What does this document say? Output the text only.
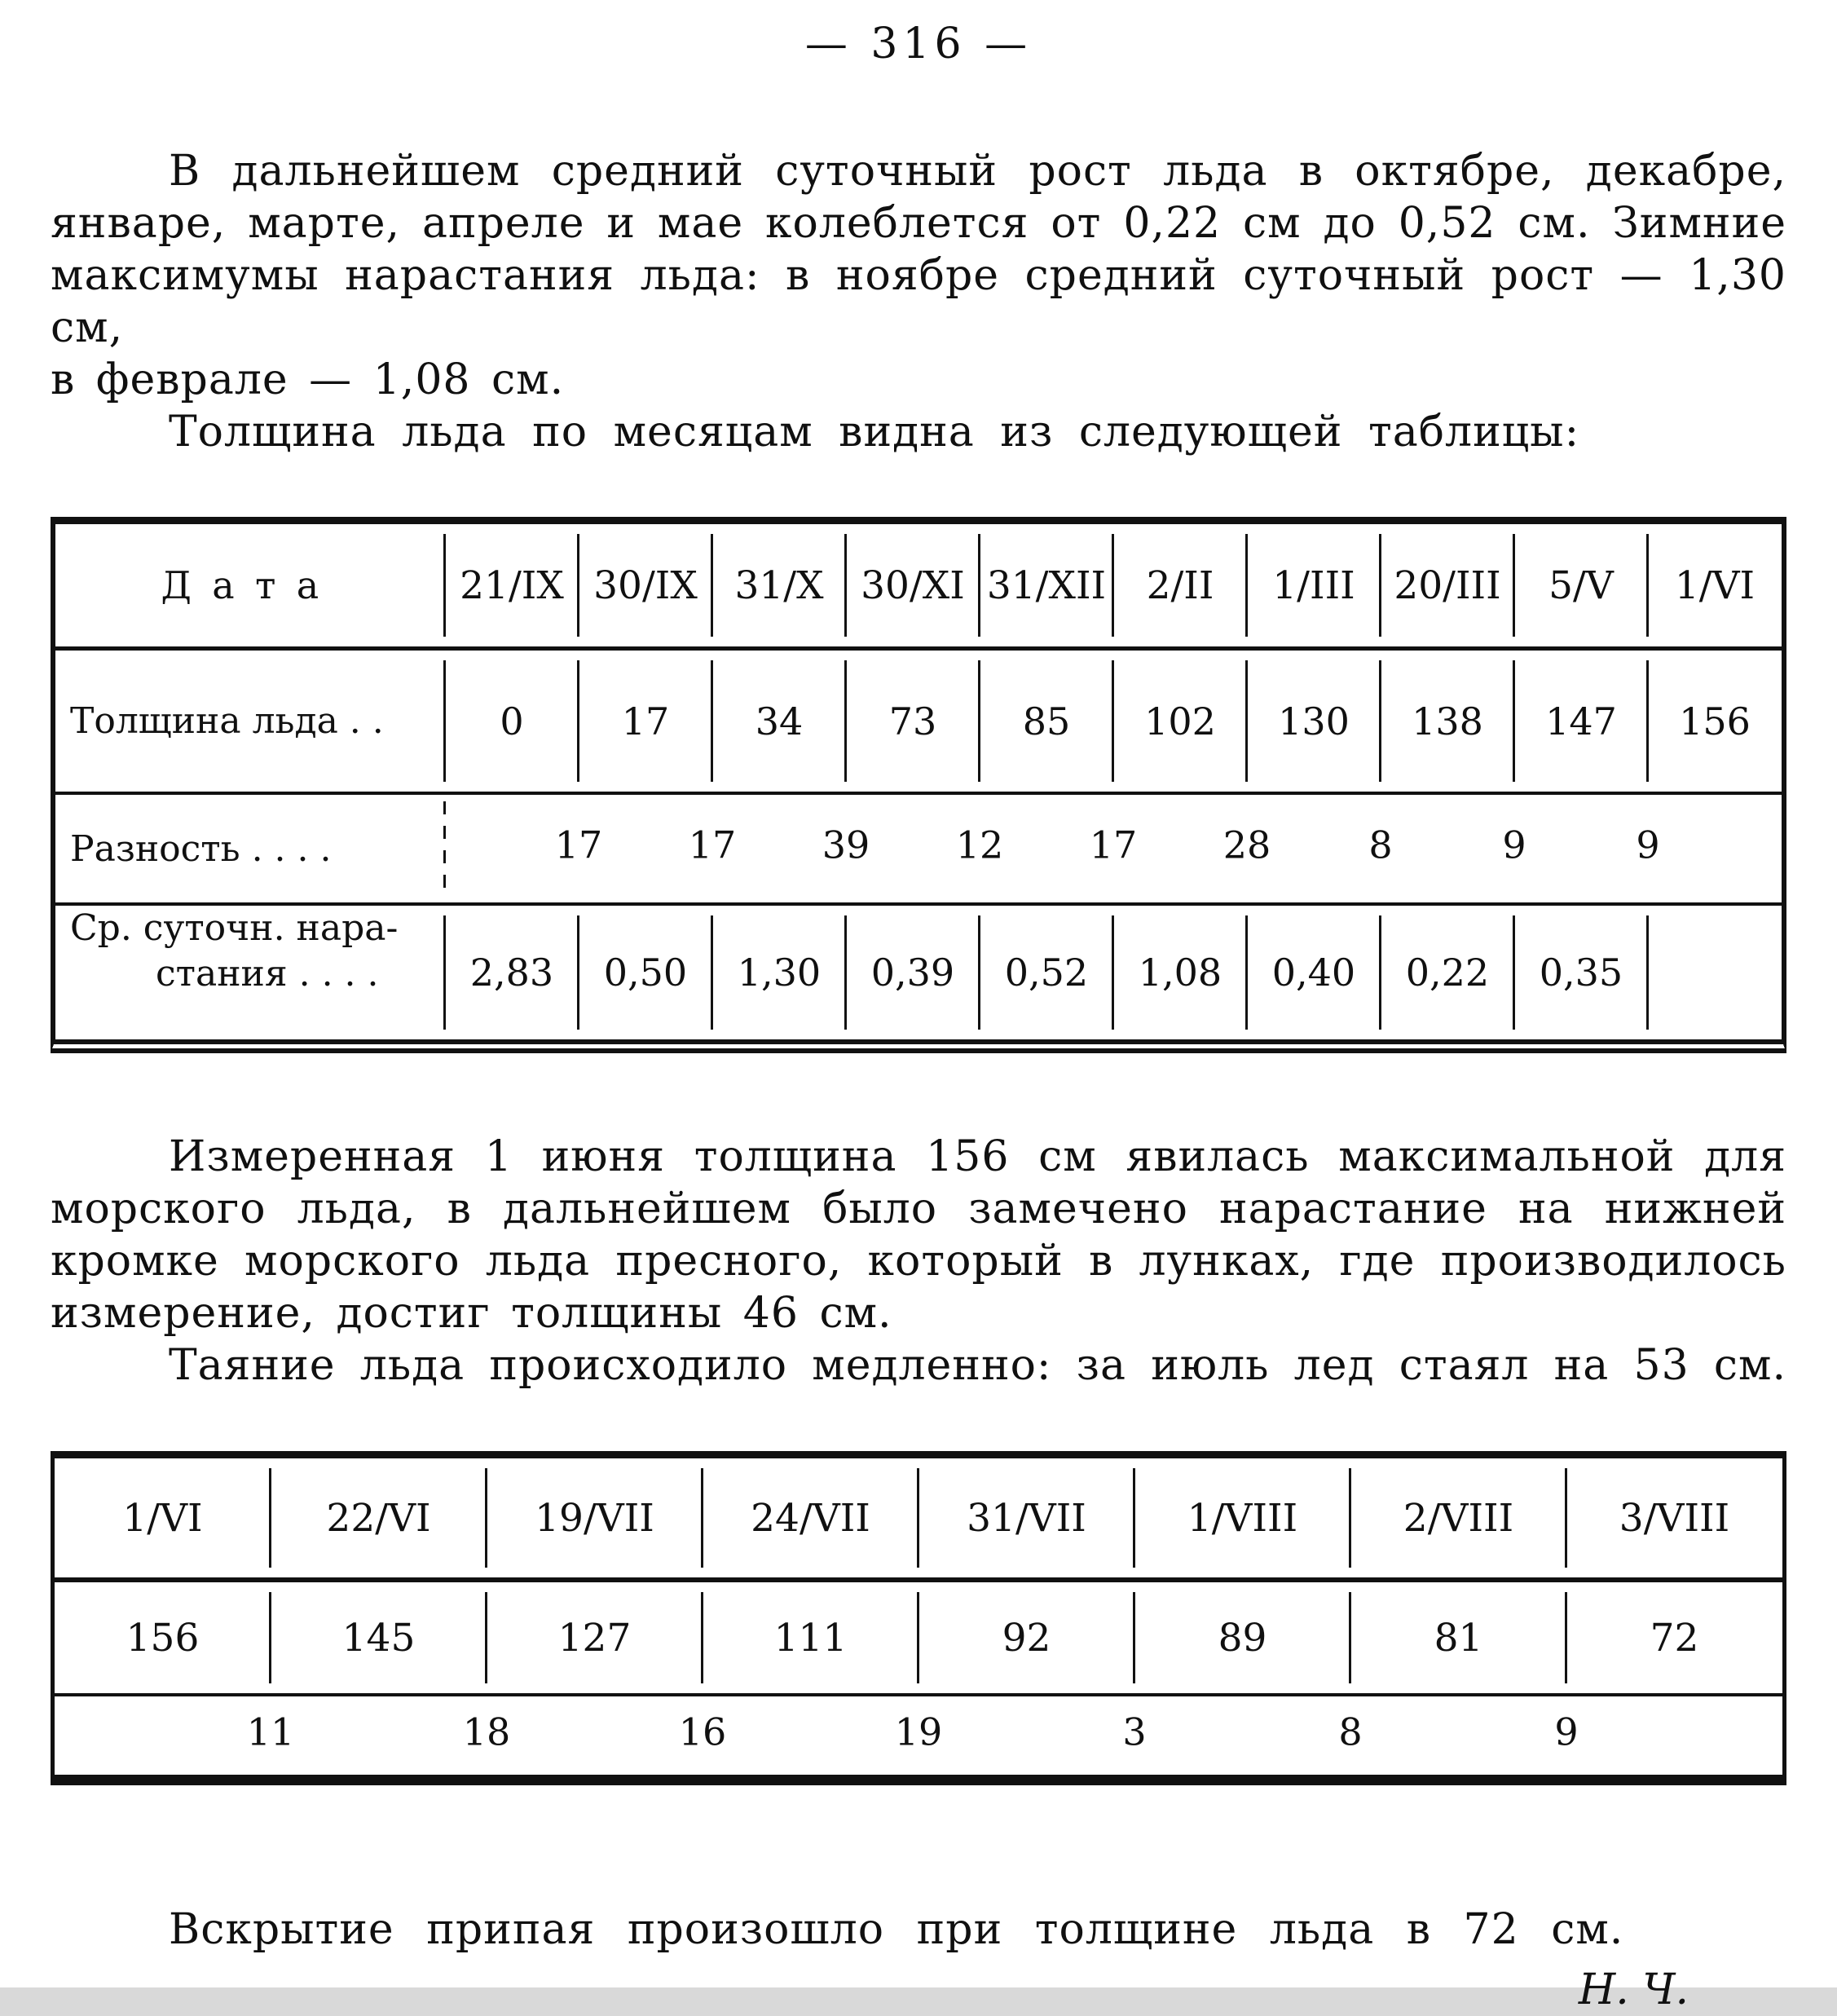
— 316 —
В дальнейшем средний суточный рост льда в октябре, декабре,
январе, марте, апреле и мае колеблется от 0,22 см до 0,52 см. Зимние
максимумы нарастания льда: в ноябре средний суточный рост — 1,30 см,
в феврале — 1,08 см.
Толщина льда по месяцам видна из следующей таблицы:
Дата	21/IX 30/IX 31/X 30/XI 31/XII	2/II	1/III	20/III	5/V	1/VI
Толщина льда . .	0	17	34	73	85	102	130	138	147	156
Разность . . . .	17 17 39 12 17 28	8	9	9
Ср. суточн. нара-
стания . . . .	2,83	0,50	1,30	0,39	0,52	1,08	0,40	0,22	0,35
Измеренная 1 июня толщина 156 см явилась максимальной для
морского льда, в дальнейшем было замечено нарастание на нижней
кромке морского льда пресного, который в лунках, где производилось
измерение, достиг толщины 46 см.
Таяние льда происходило медленно: за июль лед стаял на 53 см.
1/VI	22/VI	19/VII	24/VII	31/VII	1/VIII	2/VIII	3/VIII
156	145	127	111	92	89	81	72
11	18	16	19	3	8	9
Вскрытие припая произошло при толщине льда в 72 см.
Н. Ч.
